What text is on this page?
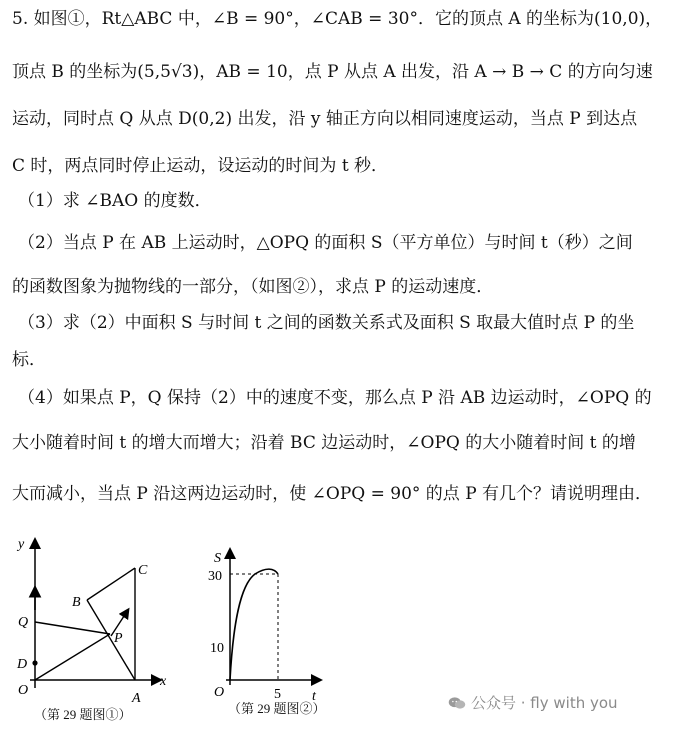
5. 如图①，Rt△ABC 中，∠B = 90°，∠CAB = 30°．它的顶点 A 的坐标为(10,0)，
顶点 B 的坐标为(5,5√3)，AB = 10，点 P 从点 A 出发，沿 A → B → C 的方向匀速
运动，同时点 Q 从点 D(0,2) 出发，沿 y 轴正方向以相同速度运动，当点 P 到达点
C 时，两点同时停止运动，设运动的时间为 t 秒．
（1）求 ∠BAO 的度数．
（2）当点 P 在 AB 上运动时，△OPQ 的面积 S（平方单位）与时间 t（秒）之间
的函数图象为抛物线的一部分，（如图②），求点 P 的运动速度．
（3）求（2）中面积 S 与时间 t 之间的函数关系式及面积 S 取最大值时点 P 的坐
标．
（4）如果点 P，Q 保持（2）中的速度不变，那么点 P 沿 AB 边运动时，∠OPQ 的
大小随着时间 t 的增大而增大；沿着 BC 边运动时，∠OPQ 的大小随着时间 t 的增
大而减小，当点 P 沿这两边运动时，使 ∠OPQ = 90° 的点 P 有几个？请说明理由．
y
x
O
A
B
C
P
Q
D
（第 29 题图①）
S
t
O
30
10
5
（第 29 题图②）	公众号 · fly with you
